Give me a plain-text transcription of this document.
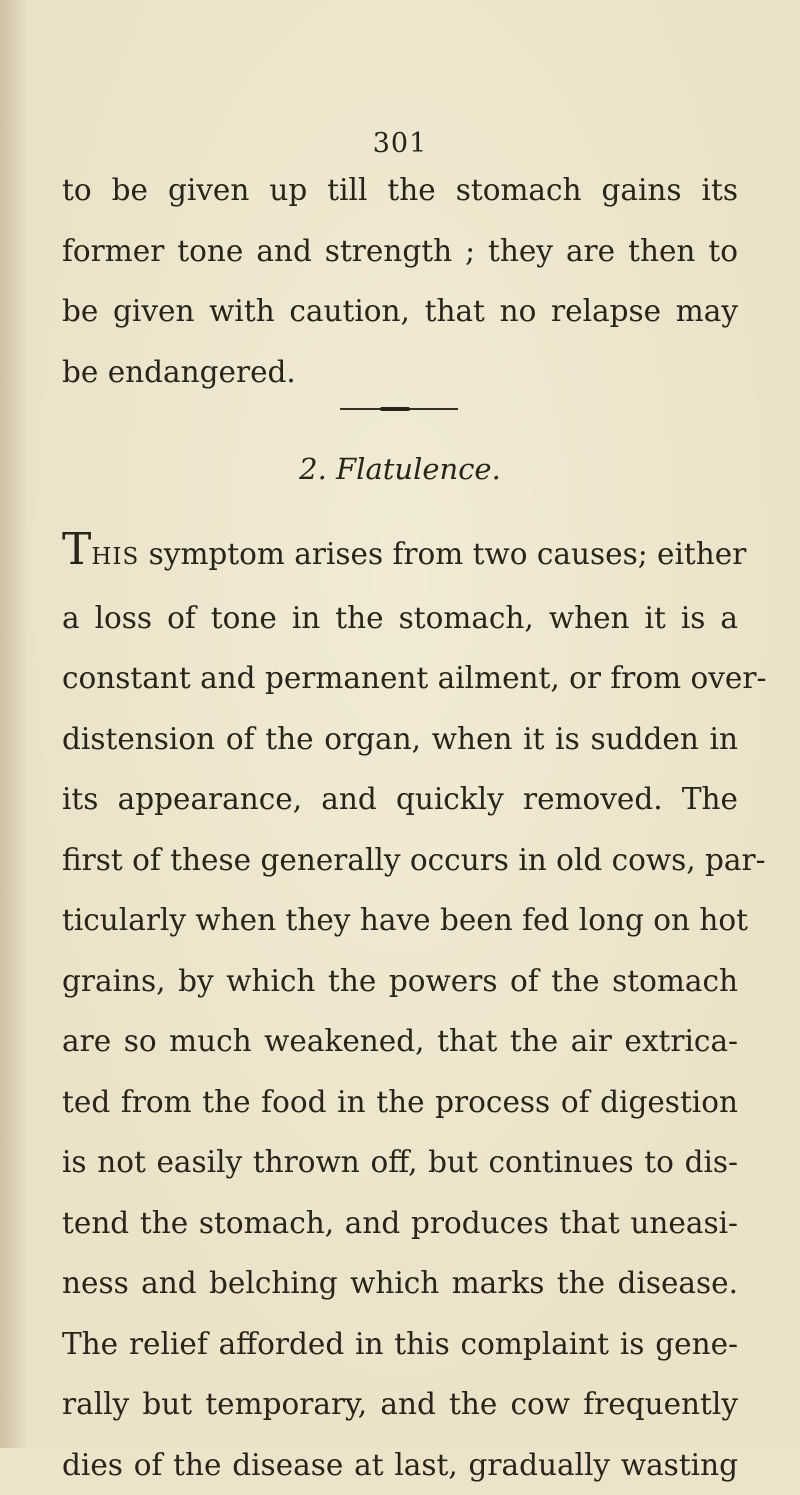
301

to be given up till the stomach gains its
former tone and strength ; they are then to
be given with caution, that no relapse may
be endangered.

2. Flatulence.

THIS symptom arises from two causes; either
a loss of tone in the stomach, when it is a
constant and permanent ailment, or from over-
distension of the organ, when it is sudden in
its appearance, and quickly removed. The
first of these generally occurs in old cows, par-
ticularly when they have been fed long on hot
grains, by which the powers of the stomach
are so much weakened, that the air extrica-
ted from the food in the process of digestion
is not easily thrown off, but continues to dis-
tend the stomach, and produces that uneasi-
ness and belching which marks the disease.
The relief afforded in this complaint is gene-
rally but temporary, and the cow frequently
dies of the disease at last, gradually wasting
